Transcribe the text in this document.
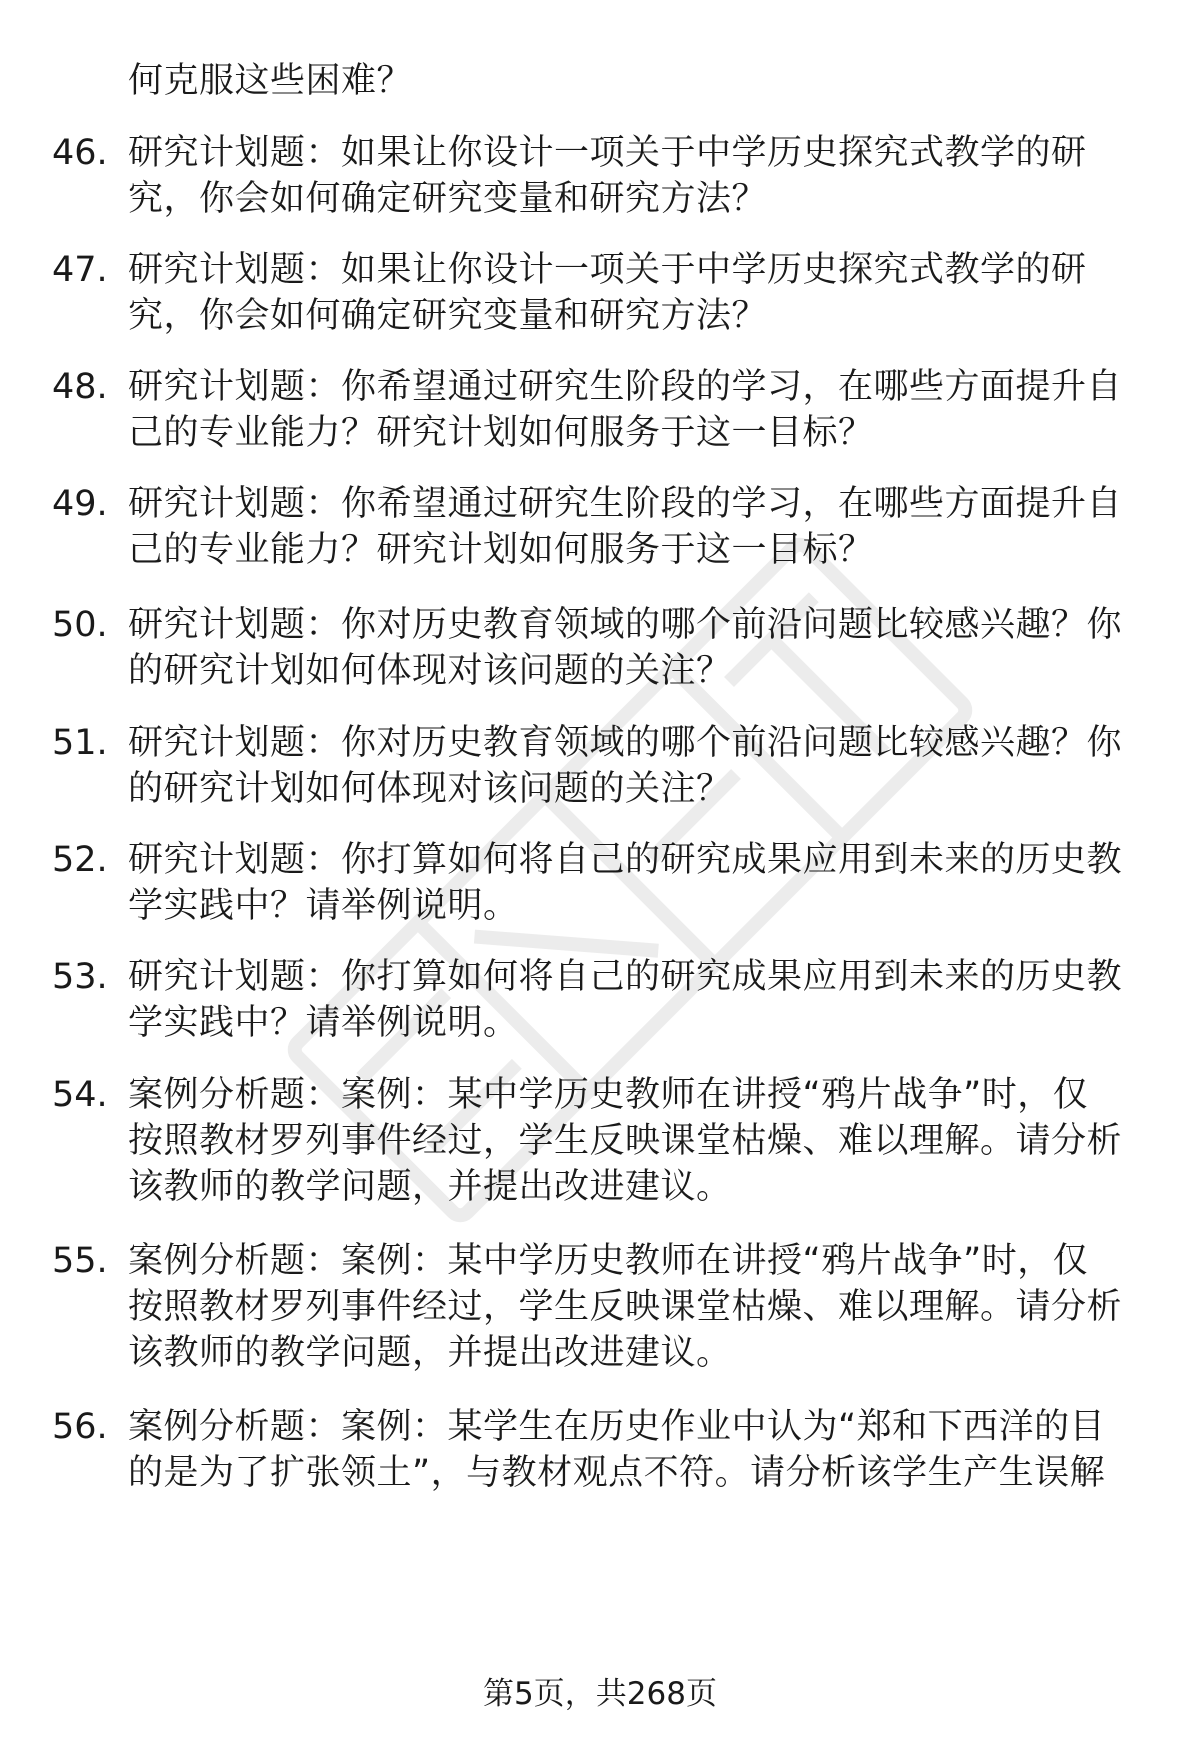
何克服这些困难？
46. 研究计划题：如果让你设计一项关于中学历史探究式教学的研
究，你会如何确定研究变量和研究方法？
47. 研究计划题：如果让你设计一项关于中学历史探究式教学的研
究，你会如何确定研究变量和研究方法？
48. 研究计划题：你希望通过研究生阶段的学习，在哪些方面提升自
己的专业能力？研究计划如何服务于这一目标？
49. 研究计划题：你希望通过研究生阶段的学习，在哪些方面提升自
己的专业能力？研究计划如何服务于这一目标？
50. 研究计划题：你对历史教育领域的哪个前沿问题比较感兴趣？你
的研究计划如何体现对该问题的关注？
51. 研究计划题：你对历史教育领域的哪个前沿问题比较感兴趣？你
的研究计划如何体现对该问题的关注？
52. 研究计划题：你打算如何将自己的研究成果应用到未来的历史教
学实践中？请举例说明。
53. 研究计划题：你打算如何将自己的研究成果应用到未来的历史教
学实践中？请举例说明。
54. 案例分析题：案例：某中学历史教师在讲授“鸦片战争”时，仅
按照教材罗列事件经过，学生反映课堂枯燥、难以理解。请分析
该教师的教学问题，并提出改进建议。
55. 案例分析题：案例：某中学历史教师在讲授“鸦片战争”时，仅
按照教材罗列事件经过，学生反映课堂枯燥、难以理解。请分析
该教师的教学问题，并提出改进建议。
56. 案例分析题：案例：某学生在历史作业中认为“郑和下西洋的目
的是为了扩张领土”，与教材观点不符。请分析该学生产生误解
第5页，共268页
